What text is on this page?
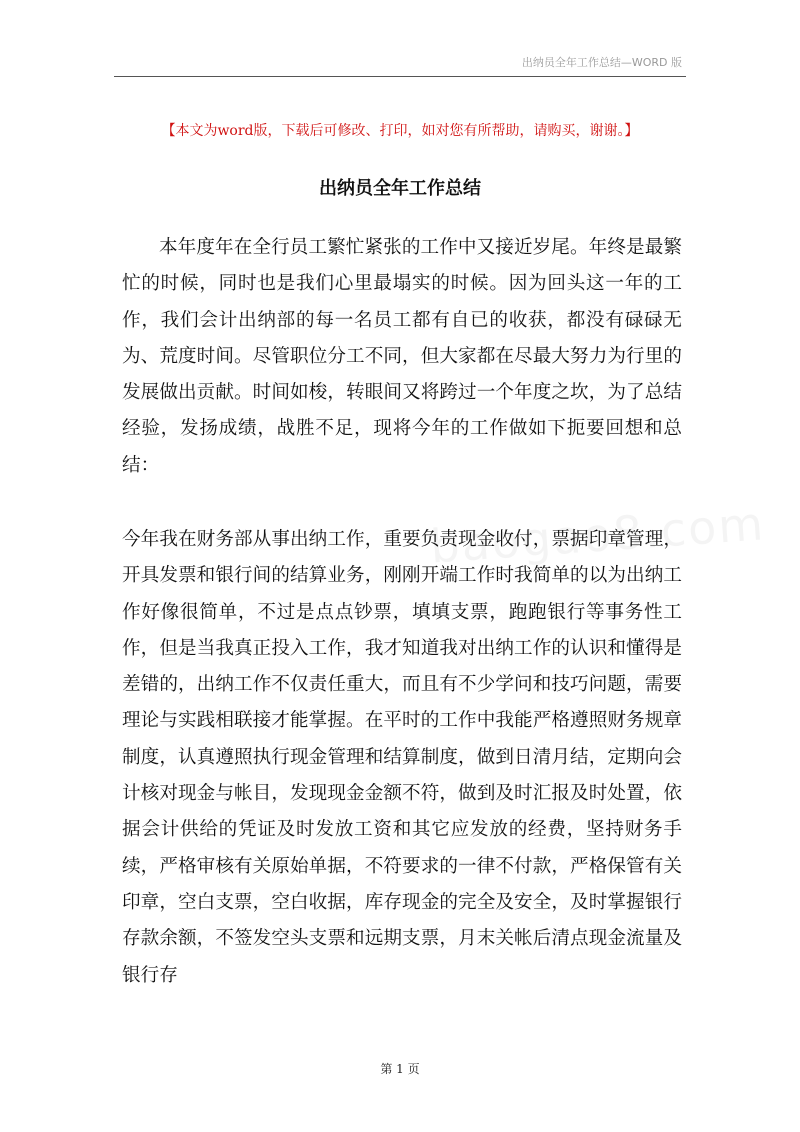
出纳员全年工作总结—WORD 版
【本文为word版，下载后可修改、打印，如对您有所帮助，请购买，谢谢。】
出纳员全年工作总结

本年度年在全行员工繁忙紧张的工作中又接近岁尾。年终是最繁忙的时候，同时也是我们心里最塌实的时候。因为回头这一年的工作，我们会计出纳部的每一名员工都有自已的收获，都没有碌碌无为、荒度时间。尽管职位分工不同，但大家都在尽最大努力为行里的发展做出贡献。时间如梭，转眼间又将跨过一个年度之坎，为了总结经验，发扬成绩，战胜不足，现将今年的工作做如下扼要回想和总结：

今年我在财务部从事出纳工作，重要负责现金收付，票据印章管理，开具发票和银行间的结算业务，刚刚开端工作时我简单的以为出纳工作好像很简单，不过是点点钞票，填填支票，跑跑银行等事务性工作，但是当我真正投入工作，我才知道我对出纳工作的认识和懂得是差错的，出纳工作不仅责任重大，而且有不少学问和技巧问题，需要理论与实践相联接才能掌握。在平时的工作中我能严格遵照财务规章制度，认真遵照执行现金管理和结算制度，做到日清月结，定期向会计核对现金与帐目，发现现金金额不符，做到及时汇报及时处置，依据会计供给的凭证及时发放工资和其它应发放的经费，坚持财务手续，严格审核有关原始单据，不符要求的一律不付款，严格保管有关印章，空白支票，空白收据，库存现金的完全及安全，及时掌握银行存款余额，不签发空头支票和远期支票，月末关帐后清点现金流量及银行存

第 1 页
